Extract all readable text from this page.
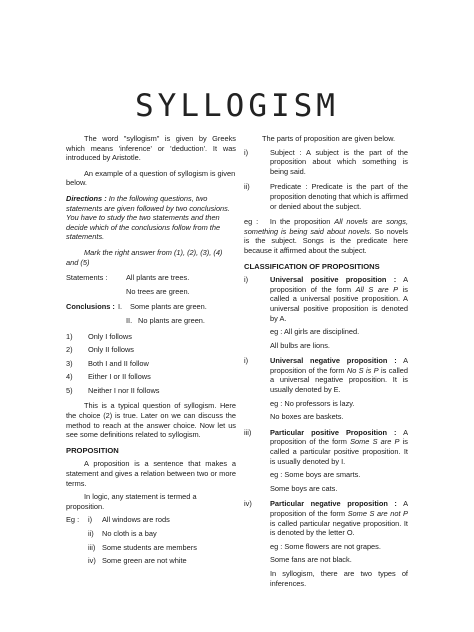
SYLLOGISM

The word "syllogism" is given by Greeks which means 'inference' or 'deduction'. It was introduced by Aristotle.

An example of a question of syllogism is given below.

Directions : In the following questions, two statements are given followed by two conclusions. You have to study the two statements and then decide which of the conclusions follow from the statements.

Mark the right answer from (1), (2), (3), (4) and (5)

Statements :	All plants are trees.
No trees are green.
Conclusions : I.	Some plants are green.
II. No plants are green.
1)	Only I follows
2)	Only II follows
3)	Both I and II follow
4)	Either I or II follows
5)	Neither I nor II follows

This is a typical question of syllogism. Here the choice (2) is true. Later on we can discuss the method to reach at the answer choice. Now let us see some definitions related to syllogism.

PROPOSITION

A proposition is a sentence that makes a statement and gives a relation between two or more terms.

In logic, any statement is termed a proposition.

Eg :	i)	All windows are rods
ii)	No cloth is a bay
iii) Some students are members
iv) Some green are not white

The parts of proposition are given below.

i)	Subject : A subject is the part of the proposition about which something is being said.
ii)	Predicate : Predicate is the part of the proposition denoting that which is affirmed or denied about the subject.

eg : In the proposition All novels are songs, something is being said about novels. So novels is the subject. Songs is the predicate here because it affirmed about the subject.

CLASSIFICATION OF PROPOSITIONS

i)	Universal positive proposition : A proposition of the form All S are P is called a universal positive proposition. A universal positive proposition is denoted by A.

eg : All girls are disciplined.

All bulbs are lions.

i)	Universal negative proposition : A proposition of the form No S is P is called a universal negative proposition. It is usually denoted by E.

eg : No professors is lazy.

No boxes are baskets.

iii)	Particular positive Proposition : A proposition of the form Some S are P is called a particular positive proposition. It is usually denoted by I.

eg : Some boys are smarts.

Some boys are cats.

iv)	Particular negative proposition : A proposition of the form Some S are not P is called particular negative proposition. It is denoted by the letter O.

eg : Some flowers are not grapes.

Some fans are not black.

In syllogism, there are two types of inferences.
